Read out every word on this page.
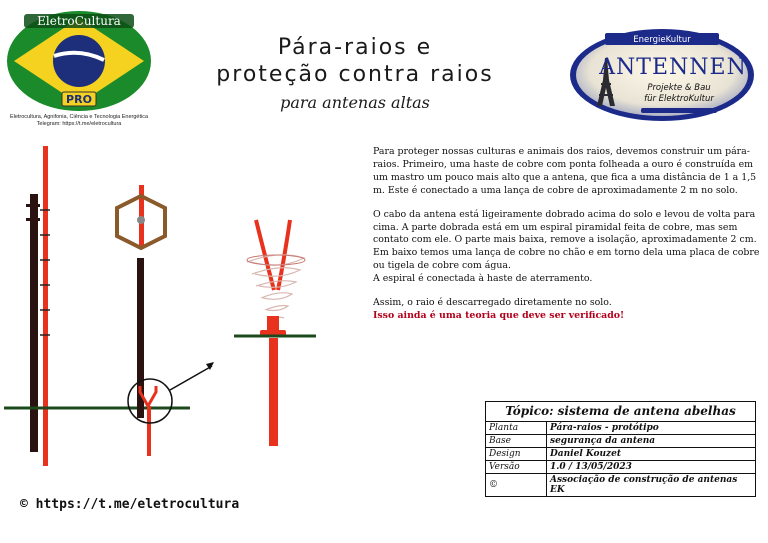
EletroCultura
PRO
Eletrocultura, Agnifonia, Ciência e Tecnologia Energética
Telegram: https://t.me/eletrocultura
Pára-raios e
proteção contra raios
para antenas altas
EnergieKultur
ANTENNEN
Projekte & Bau
für ElektroKultur

Para proteger nossas culturas e animais dos raios, devemos construir um pára-raios. Primeiro, uma haste de cobre com ponta folheada a ouro é construída em um mastro um pouco mais alto que a antena, que fica a uma distância de 1 a 1,5 m. Este é conectado a uma lança de cobre de aproximadamente 2 m no solo.

O cabo da antena está ligeiramente dobrado acima do solo e levou de volta para cima. A parte dobrada está em um espiral piramidal feita de cobre, mas sem contato com ele. O parte mais baixa, remove a isolação, aproximadamente 2 cm. Em baixo temos uma lança de cobre no chão e em torno dela uma placa de cobre ou tigela de cobre com água.

A espiral é conectada à haste de aterramento.

Assim, o raio é descarregado diretamente no solo.

Isso ainda é uma teoria que deve ser verificado!

Tópico: sistema de antena abelhas	
Planta	Pára-raios - protótipo
Base	segurança da antena
Design	Daniel Kouzet
Versão	1.0 / 13/05/2023
©	Associação de construção de antenas EK
© https://t.me/eletrocultura
